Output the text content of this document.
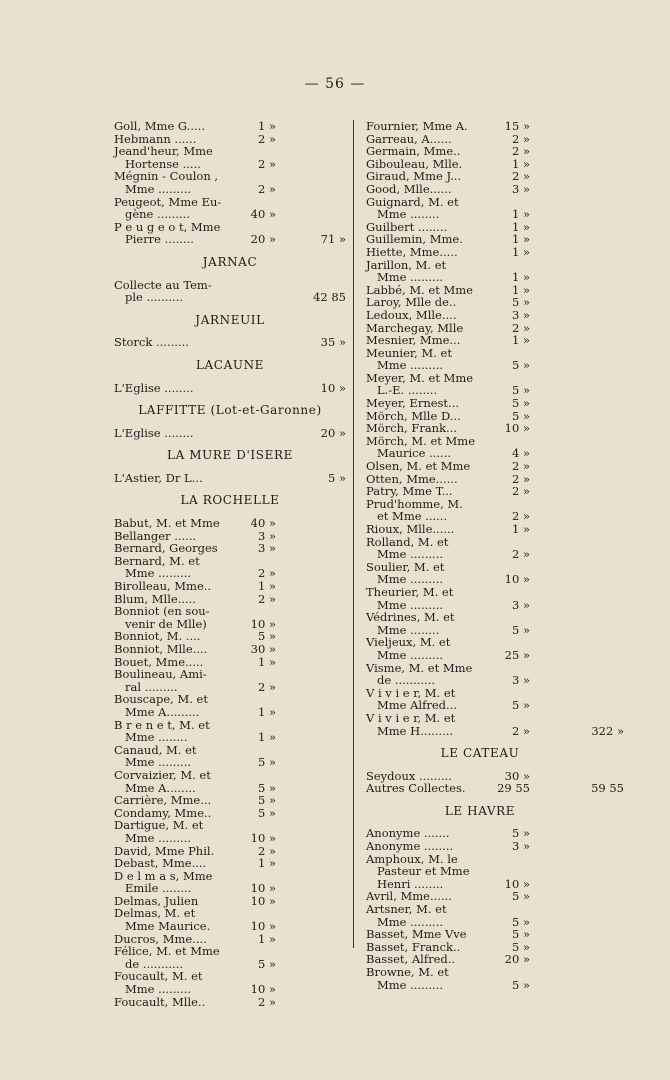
— 56 —
Goll, Mme G.....	1 »
Hebmann ......	2 »
Jeand'heur, Mme
Hortense .....	2 »
Mégnin - Coulon ,
Mme .........	2 »
Peugeot, Mme Eu-
gène .........	40 »
P e u g e o t, Mme
Pierre ........	20 »	71 »
JARNAC
Collecte au Tem-
ple ..........	42 85
JARNEUIL
Storck .........	35 »
LACAUNE
L'Eglise ........	10 »
LAFFITTE (Lot-et-Garonne)
L'Eglise ........	20 »
LA MURE D'ISERE
L'Astier, Dr L...	5 »
LA ROCHELLE
Babut, M. et Mme	40 »
Bellanger ......	3 »
Bernard, Georges	3 »
Bernard, M. et
Mme .........	2 »
Birolleau, Mme..	1 »
Blum, Mlle.....	2 »
Bonniot (en sou-
venir de Mlle)	10 »
Bonniot, M. ....	5 »
Bonniot, Mlle....	30 »
Bouet, Mme.....	1 »
Boulineau, Ami-
ral .........	2 »
Bouscape, M. et
Mme A.........	1 »
B r e n e t, M. et
Mme ........	1 »
Canaud, M. et
Mme .........	5 »
Corvaizier, M. et
Mme A........	5 »
Carrière, Mme...	5 »
Condamy, Mme..	5 »
Dartigue, M. et
Mme .........	10 »
David, Mme Phil.	2 »
Debast, Mme....	1 »
D e l m a s, Mme
Emile ........	10 »
Delmas, Julien	10 »
Delmas, M. et
Mme Maurice.	10 »
Ducros, Mme....	1 »
Félice, M. et Mme
de ...........	5 »
Foucault, M. et
Mme .........	10 »
Foucault, Mlle..	2 »
Fournier, Mme A.	15 »
Garreau, A......	2 »
Germain, Mme..	2 »
Gibouleau, Mlle.	1 »
Giraud, Mme J...	2 »
Good, Mlle......	3 »
Guignard, M. et
Mme ........	1 »
Guilbert ........	1 »
Guillemin, Mme.	1 »
Hiette, Mme.....	1 »
Jarillon, M. et
Mme .........	1 »
Labbé, M. et Mme	1 »
Laroy, Mlle de..	5 »
Ledoux, Mlle....	3 »
Marchegay, Mlle	2 »
Mesnier, Mme...	1 »
Meunier, M. et
Mme .........	5 »
Meyer, M. et Mme
L.-E. ........	5 »
Meyer, Ernest...	5 »
Mörch, Mlle D...	5 »
Mörch, Frank...	10 »
Mörch, M. et Mme
Maurice ......	4 »
Olsen, M. et Mme	2 »
Otten, Mme......	2 »
Patry, Mme T...	2 »
Prud'homme, M.
et Mme ......	2 »
Rioux, Mlle......	1 »
Rolland, M. et
Mme .........	2 »
Soulier, M. et
Mme .........	10 »
Theurier, M. et
Mme .........	3 »
Védrines, M. et
Mme ........	5 »
Vieljeux, M. et
Mme .........	25 »
Visme, M. et Mme
de ...........	3 »
V i v i e r, M. et
Mme Alfred...	5 »
V i v i e r, M. et
Mme H.........	2 »	322 »
LE CATEAU
Seydoux .........	30 »
Autres Collectes.	29 55	59 55
LE HAVRE
Anonyme .......	5 »
Anonyme ........	3 »
Amphoux, M. le
Pasteur et Mme
Henri ........	10 »
Avril, Mme......	5 »
Artsner, M. et
Mme .........	5 »
Basset, Mme Vve	5 »
Basset, Franck..	5 »
Basset, Alfred..	20 »
Browne, M. et
Mme .........	5 »
